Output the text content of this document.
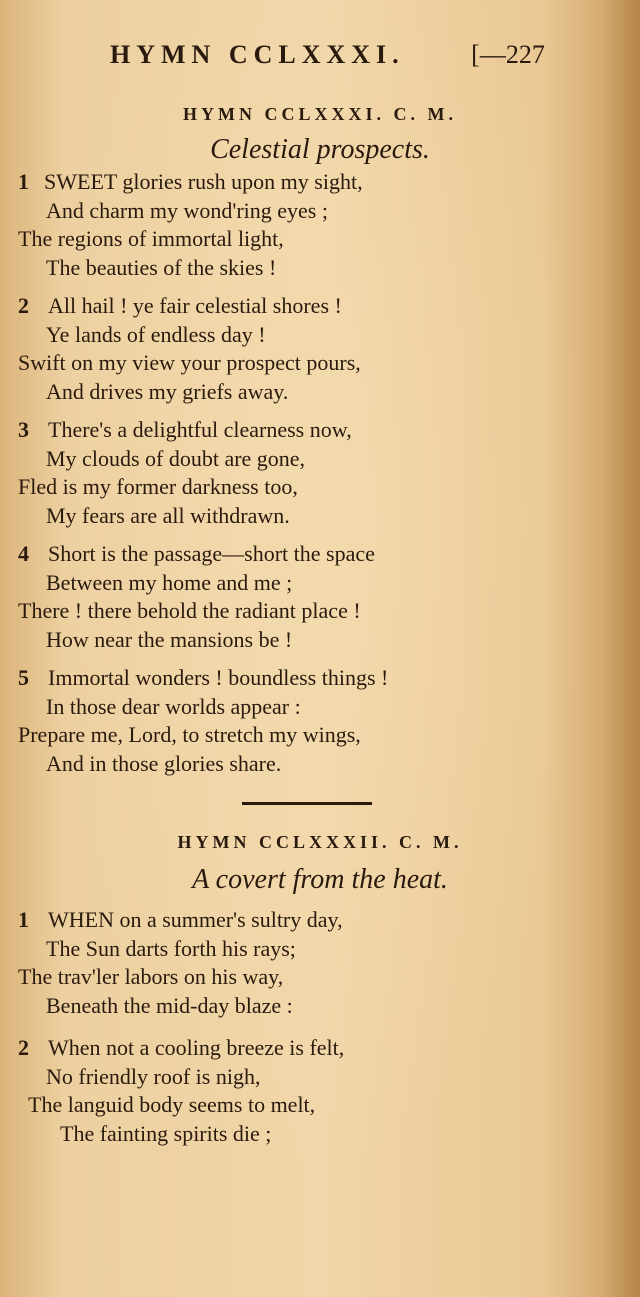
HYMN CCLXXXI.	[—227
HYMN CCLXXXI. C. M.
Celestial prospects.
1 SWEET glories rush upon my sight,
And charm my wond'ring eyes ;
The regions of immortal light,
The beauties of the skies !
2 All hail ! ye fair celestial shores !
Ye lands of endless day !
Swift on my view your prospect pours,
And drives my griefs away.
3 There's a delightful clearness now,
My clouds of doubt are gone,
Fled is my former darkness too,
My fears are all withdrawn.
4 Short is the passage—short the space
Between my home and me ;
There ! there behold the radiant place !
How near the mansions be !
5 Immortal wonders ! boundless things !
In those dear worlds appear :
Prepare me, Lord, to stretch my wings,
And in those glories share.
HYMN CCLXXXII. C. M.
A covert from the heat.
1 WHEN on a summer's sultry day,
The Sun darts forth his rays;
The trav'ler labors on his way,
Beneath the mid-day blaze :
2 When not a cooling breeze is felt,
No friendly roof is nigh,
The languid body seems to melt,
The fainting spirits die ;
